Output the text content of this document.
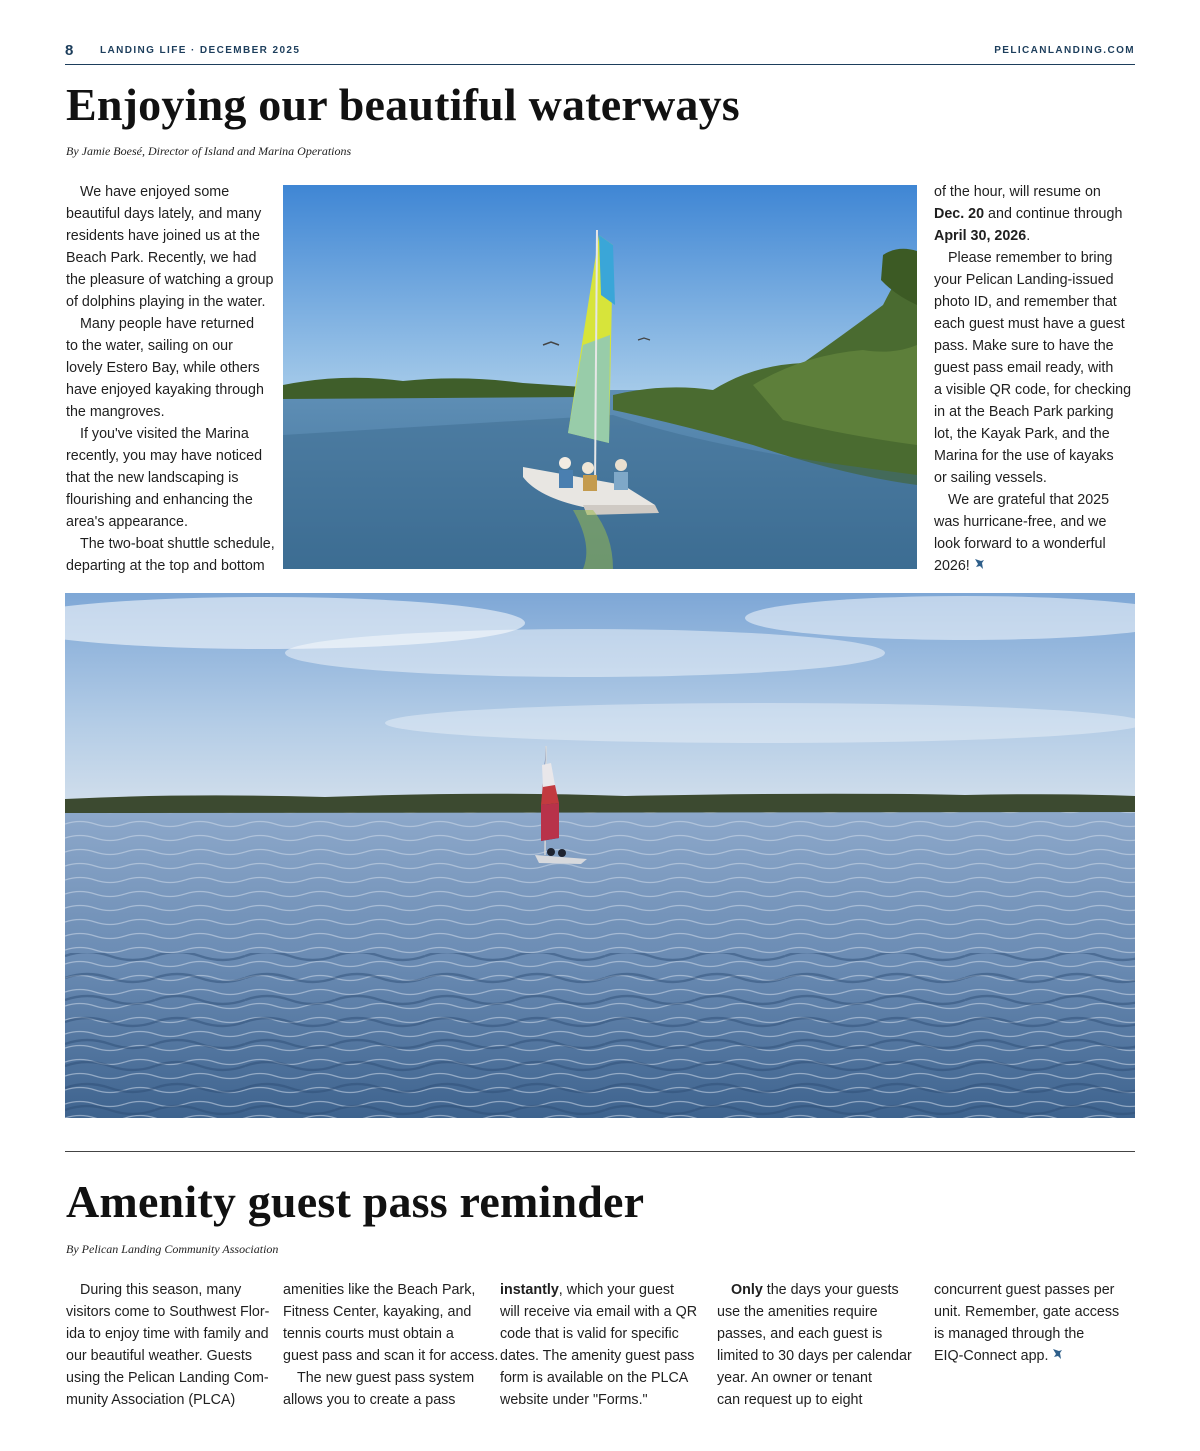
8	LANDING LIFE · DECEMBER 2025	PELICANLANDING.COM
Enjoying our beautiful waterways

By Jamie Boesé, Director of Island and Marina Operations

We have enjoyed some
beautiful days lately, and many
residents have joined us at the
Beach Park. Recently, we had
the pleasure of watching a group
of dolphins playing in the water.

Many people have returned
to the water, sailing on our
lovely Estero Bay, while others
have enjoyed kayaking through
the mangroves.

If you've visited the Marina
recently, you may have noticed
that the new landscaping is
flourishing and enhancing the
area's appearance.

The two-boat shuttle schedule,
departing at the top and bottom

of the hour, will resume on
Dec. 20 and continue through
April 30, 2026.

Please remember to bring
your Pelican Landing-issued
photo ID, and remember that
each guest must have a guest
pass. Make sure to have the
guest pass email ready, with
a visible QR code, for checking
in at the Beach Park parking
lot, the Kayak Park, and the
Marina for the use of kayaks
or sailing vessels.

We are grateful that 2025
was hurricane-free, and we
look forward to a wonderful
2026!

Amenity guest pass reminder

By Pelican Landing Community Association

During this season, many
visitors come to Southwest Flor-
ida to enjoy time with family and
our beautiful weather. Guests
using the Pelican Landing Com-
munity Association (PLCA)

amenities like the Beach Park,
Fitness Center, kayaking, and
tennis courts must obtain a
guest pass and scan it for access.

The new guest pass system
allows you to create a pass

instantly, which your guest
will receive via email with a QR
code that is valid for specific
dates. The amenity guest pass
form is available on the PLCA
website under "Forms."

Only the days your guests
use the amenities require
passes, and each guest is
limited to 30 days per calendar
year. An owner or tenant
can request up to eight

concurrent guest passes per
unit. Remember, gate access
is managed through the
EIQ-Connect app.
